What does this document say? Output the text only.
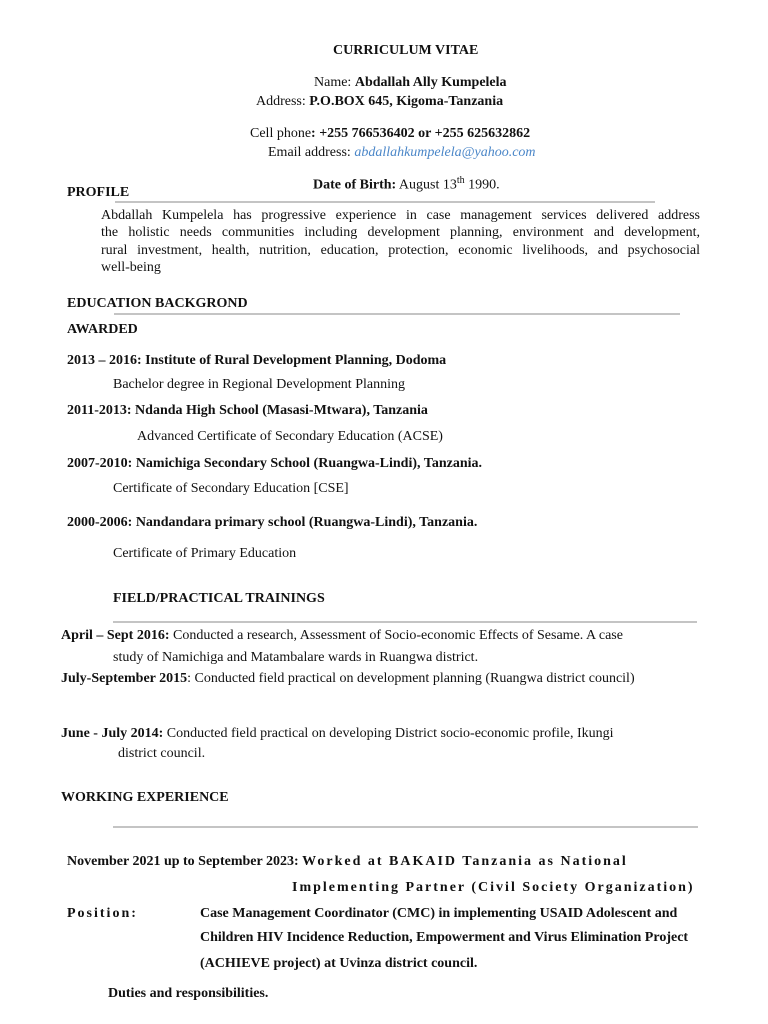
CURRICULUM VITAE
Name: Abdallah Ally Kumpelela
Address: P.O.BOX 645, Kigoma-Tanzania
Cell phone: +255 766536402 or +255 625632862
Email address: abdallahkumpelela@yahoo.com
Date of Birth: August 13th 1990.
PROFILE
Abdallah Kumpelela has progressive experience in case management services delivered address
the holistic needs communities including development planning, environment and development,
rural investment, health, nutrition, education, protection, economic livelihoods, and psychosocial
well-being
EDUCATION BACKGROND
AWARDED
2013 – 2016: Institute of Rural Development Planning, Dodoma
Bachelor degree in Regional Development Planning
2011-2013: Ndanda High School (Masasi-Mtwara), Tanzania
Advanced Certificate of Secondary Education (ACSE)
2007-2010: Namichiga Secondary School (Ruangwa-Lindi), Tanzania.
Certificate of Secondary Education [CSE]
2000-2006: Nandandara primary school (Ruangwa-Lindi), Tanzania.
Certificate of Primary Education
FIELD/PRACTICAL TRAININGS
April – Sept 2016: Conducted a research, Assessment of Socio-economic Effects of Sesame. A case
study of Namichiga and Matambalare wards in Ruangwa district.
July-September 2015: Conducted field practical on development planning (Ruangwa district council)
June - July 2014: Conducted field practical on developing District socio-economic profile, Ikungi
district council.
WORKING EXPERIENCE
November 2021 up to September 2023: Worked at BAKAID Tanzania as National
Implementing Partner (Civil Society Organization)
Position:	Case Management Coordinator (CMC) in implementing USAID Adolescent and
Children HIV Incidence Reduction, Empowerment and Virus Elimination Project
(ACHIEVE project) at Uvinza district council.
Duties and responsibilities.
